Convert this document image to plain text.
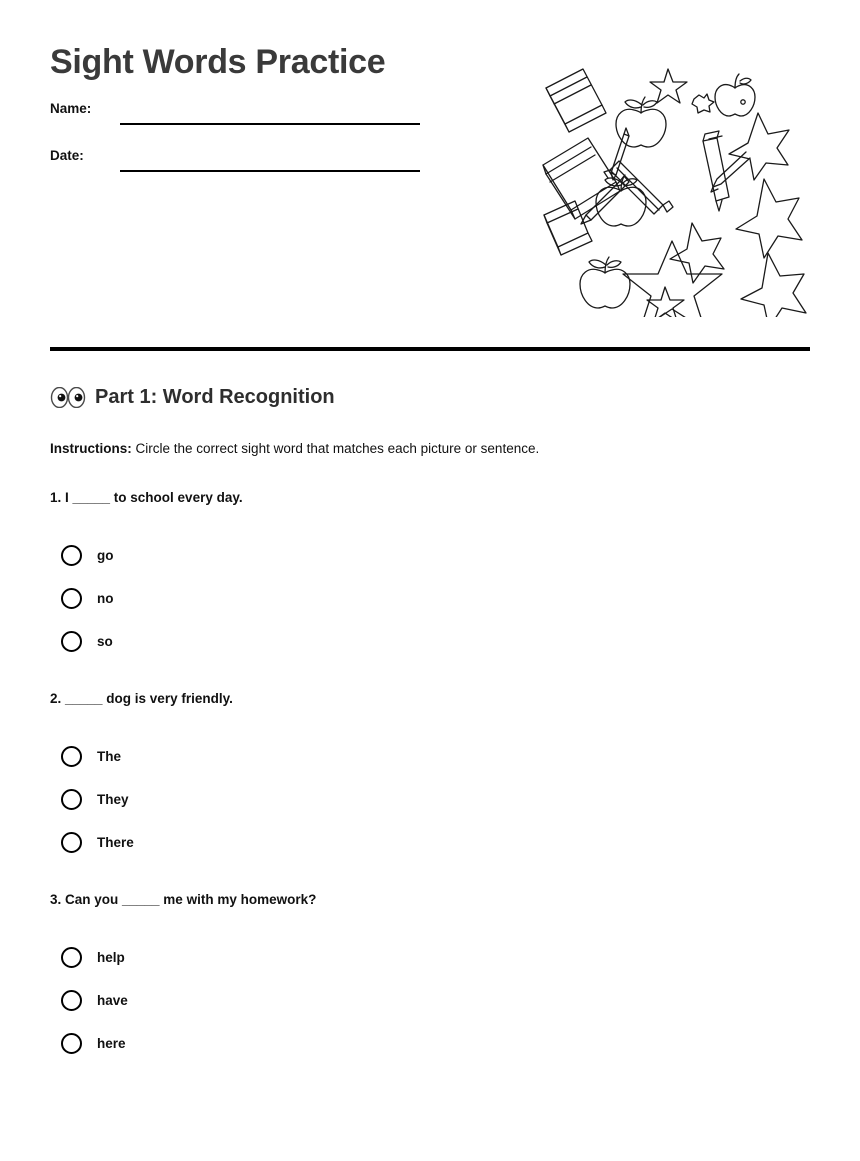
Sight Words Practice
Name:
Date:
Part 1: Word Recognition

Instructions: Circle the correct sight word that matches each picture or sentence.

1. I _____ to school every day.
go
no
so
2. _____ dog is very friendly.
The
They
There
3. Can you _____ me with my homework?
help
have
here
